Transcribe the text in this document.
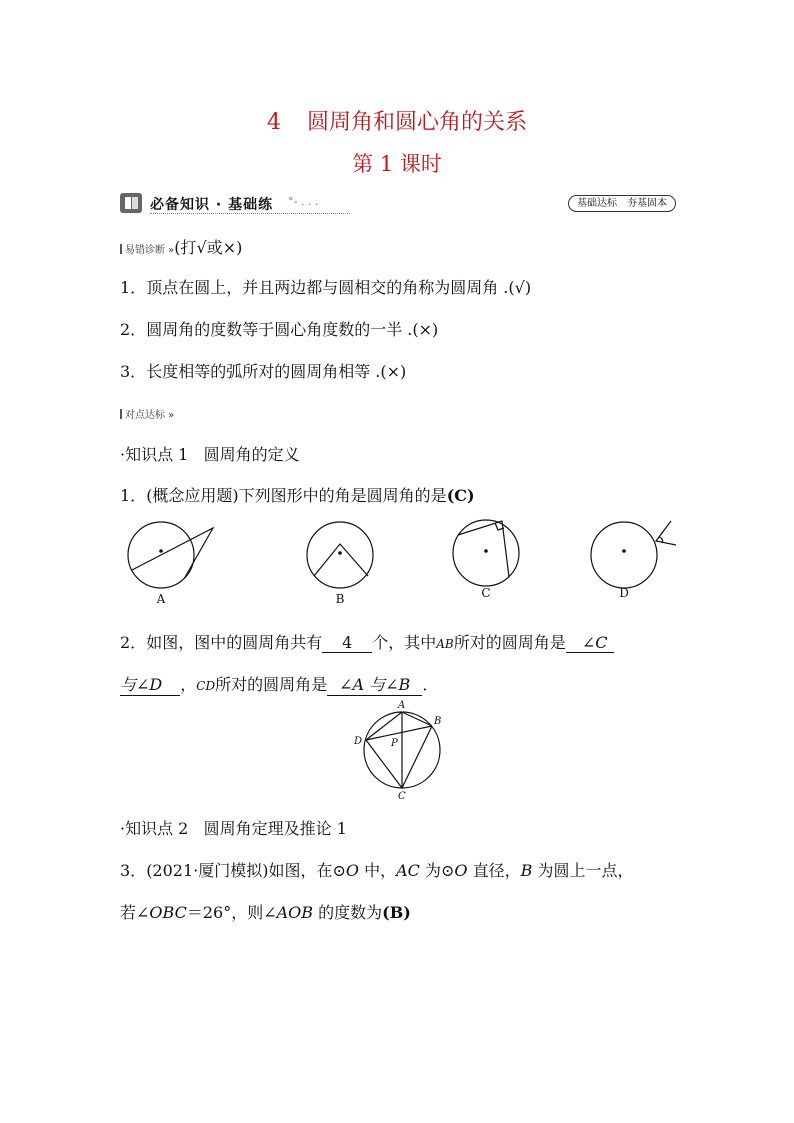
4 圆周角和圆心角的关系
第 1 课时
必备知识 · 基础练 °- . . .	基础达标　夯基固本
易错诊断 »(打√或×)
1．顶点在圆上，并且两边都与圆相交的角称为圆周角 .(√)
2．圆周角的度数等于圆心角度数的一半 .(×)
3．长度相等的弧所对的圆周角相等 .(×)
对点达标 »
·知识点 1 圆周角的定义
1．(概念应用题)下列图形中的角是圆周角的是(C)
A	B	C	D
2．如图，图中的圆周角共有 4 个，其中AB所对的圆周角是 ∠C
与∠D ，CD所对的圆周角是 ∠A 与∠B ．
A
B
C
D	P
·知识点 2 圆周角定理及推论 1
3．(2021·厦门模拟)如图，在⊙O 中，AC 为⊙O 直径，B 为圆上一点，
若∠OBC＝26°，则∠AOB 的度数为(B)
